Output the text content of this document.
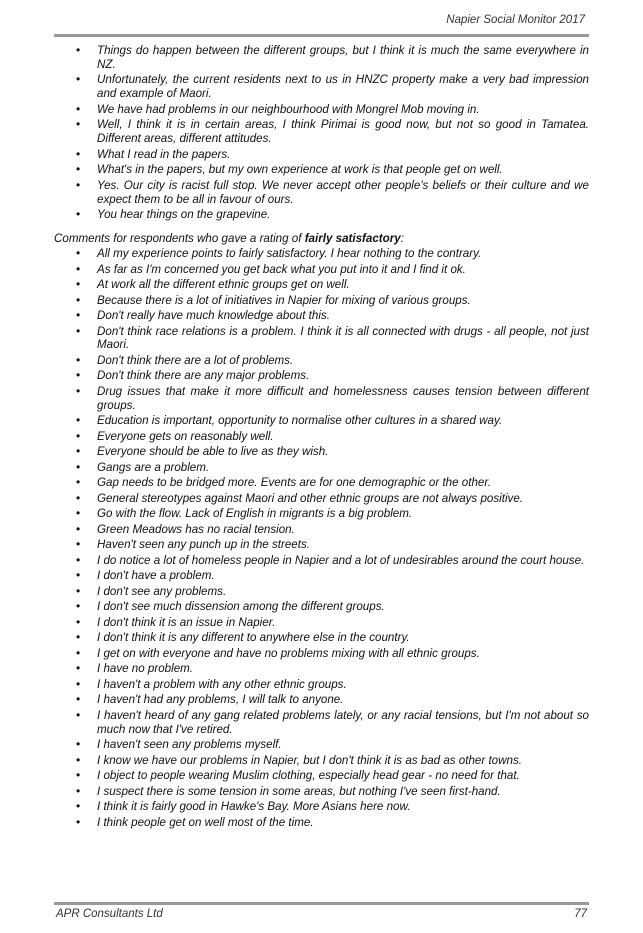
Napier Social Monitor 2017
• Things do happen between the different groups, but I think it is much the same everywhere in NZ.
• Unfortunately, the current residents next to us in HNZC property make a very bad impression and example of Maori.
• We have had problems in our neighbourhood with Mongrel Mob moving in.
• Well, I think it is in certain areas, I think Pirimai is good now, but not so good in Tamatea. Different areas, different attitudes.
• What I read in the papers.
• What's in the papers, but my own experience at work is that people get on well.
• Yes. Our city is racist full stop. We never accept other people's beliefs or their culture and we expect them to be all in favour of ours.
• You hear things on the grapevine.

Comments for respondents who gave a rating of fairly satisfactory:

• All my experience points to fairly satisfactory. I hear nothing to the contrary.
• As far as I'm concerned you get back what you put into it and I find it ok.
• At work all the different ethnic groups get on well.
• Because there is a lot of initiatives in Napier for mixing of various groups.
• Don't really have much knowledge about this.
• Don't think race relations is a problem. I think it is all connected with drugs - all people, not just Maori.
• Don't think there are a lot of problems.
• Don't think there are any major problems.
• Drug issues that make it more difficult and homelessness causes tension between different groups.
• Education is important, opportunity to normalise other cultures in a shared way.
• Everyone gets on reasonably well.
• Everyone should be able to live as they wish.
• Gangs are a problem.
• Gap needs to be bridged more. Events are for one demographic or the other.
• General stereotypes against Maori and other ethnic groups are not always positive.
• Go with the flow. Lack of English in migrants is a big problem.
• Green Meadows has no racial tension.
• Haven't seen any punch up in the streets.
• I do notice a lot of homeless people in Napier and a lot of undesirables around the court house.
• I don't have a problem.
• I don't see any problems.
• I don't see much dissension among the different groups.
• I don't think it is an issue in Napier.
• I don't think it is any different to anywhere else in the country.
• I get on with everyone and have no problems mixing with all ethnic groups.
• I have no problem.
• I haven't a problem with any other ethnic groups.
• I haven't had any problems, I will talk to anyone.
• I haven't heard of any gang related problems lately, or any racial tensions, but I'm not about so much now that I've retired.
• I haven't seen any problems myself.
• I know we have our problems in Napier, but I don't think it is as bad as other towns.
• I object to people wearing Muslim clothing, especially head gear - no need for that.
• I suspect there is some tension in some areas, but nothing I've seen first-hand.
• I think it is fairly good in Hawke's Bay. More Asians here now.
• I think people get on well most of the time.
APR Consultants Ltd	77
